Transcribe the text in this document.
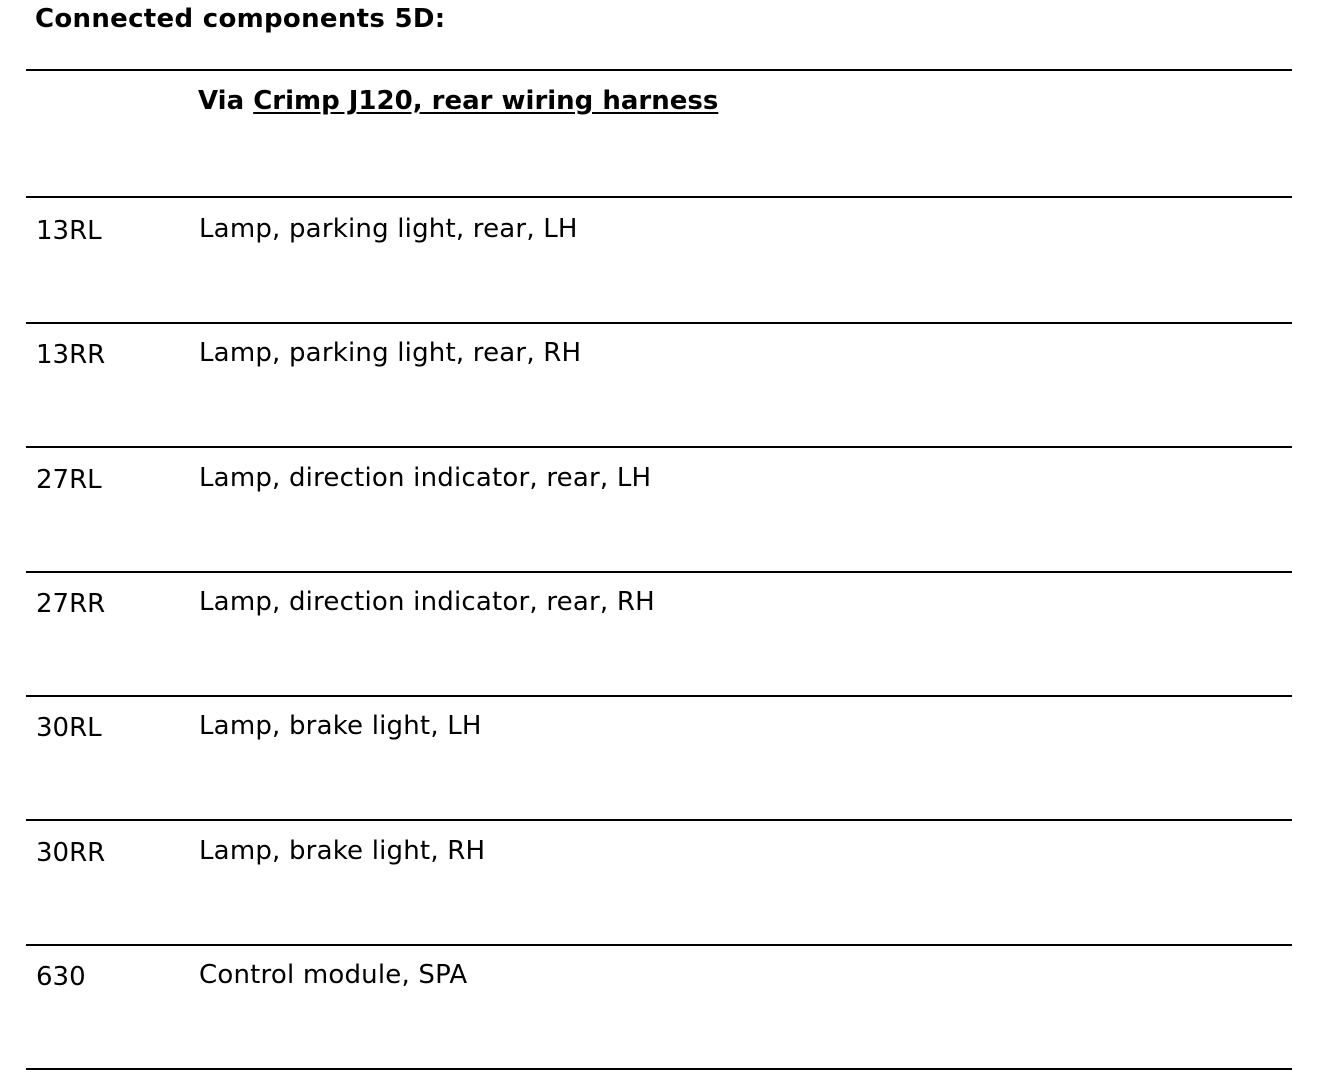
Connected components 5D:
Via Crimp J120, rear wiring harness
13RL	Lamp, parking light, rear, LH
13RR	Lamp, parking light, rear, RH
27RL	Lamp, direction indicator, rear, LH
27RR	Lamp, direction indicator, rear, RH
30RL	Lamp, brake light, LH
30RR	Lamp, brake light, RH
630	Control module, SPA
